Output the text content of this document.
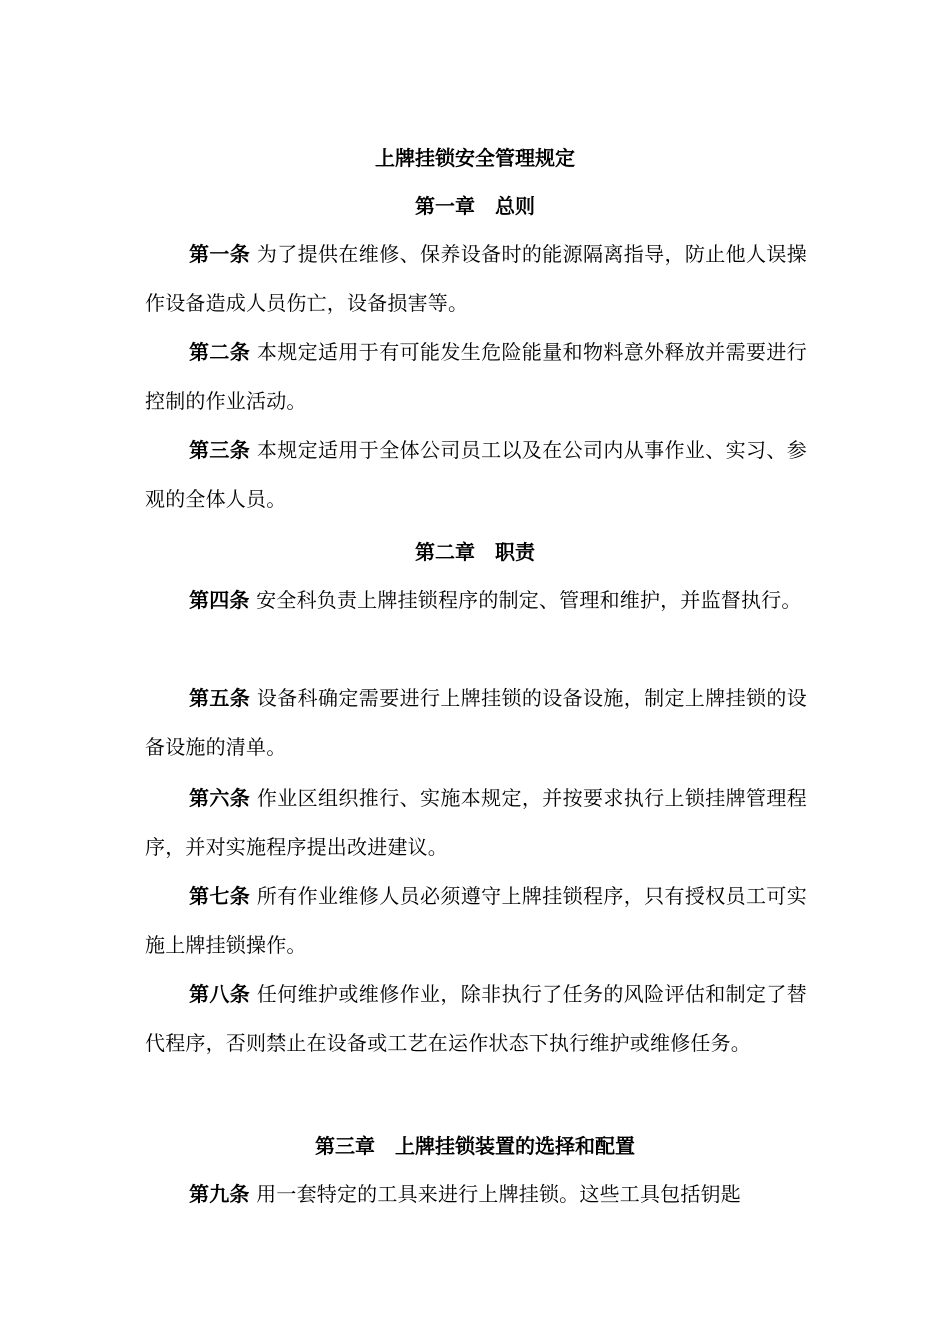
上牌挂锁安全管理规定
第一章　总则
第一条 为了提供在维修、保养设备时的能源隔离指导，防止他人误操作设备造成人员伤亡，设备损害等。
第二条 本规定适用于有可能发生危险能量和物料意外释放并需要进行控制的作业活动。
第三条 本规定适用于全体公司员工以及在公司内从事作业、实习、参观的全体人员。
第二章　职责
第四条 安全科负责上牌挂锁程序的制定、管理和维护，并监督执行。
第五条 设备科确定需要进行上牌挂锁的设备设施，制定上牌挂锁的设备设施的清单。
第六条 作业区组织推行、实施本规定，并按要求执行上锁挂牌管理程序，并对实施程序提出改进建议。
第七条 所有作业维修人员必须遵守上牌挂锁程序，只有授权员工可实施上牌挂锁操作。
第八条 任何维护或维修作业，除非执行了任务的风险评估和制定了替代程序，否则禁止在设备或工艺在运作状态下执行维护或维修任务。
第三章　上牌挂锁装置的选择和配置
第九条 用一套特定的工具来进行上牌挂锁。这些工具包括钥匙
